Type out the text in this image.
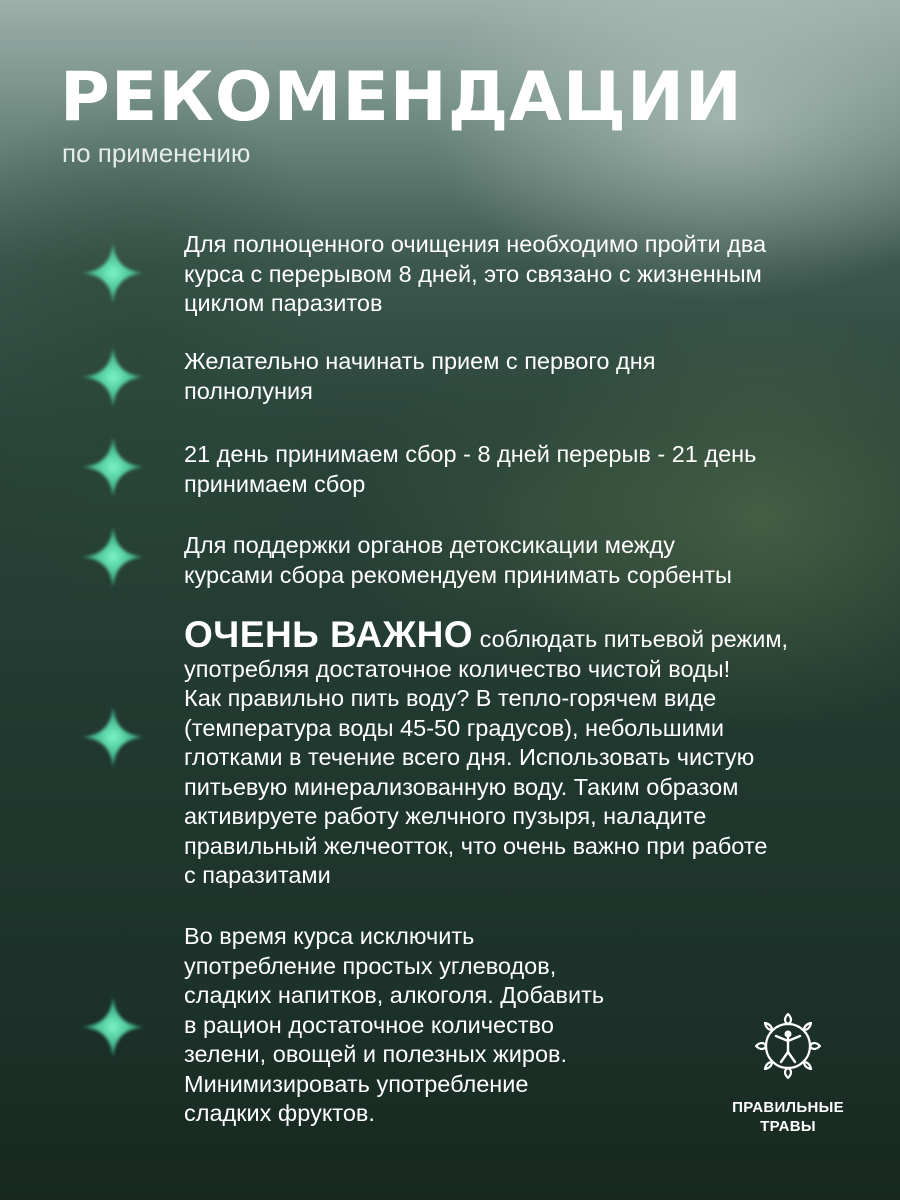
РЕКОМЕНДАЦИИ
по применению
Для полноценного очищения необходимо пройти два
курса с перерывом 8 дней, это связано с жизненным
циклом паразитов
Желательно начинать прием с первого дня
полнолуния
21 день принимаем сбор - 8 дней перерыв - 21 день
принимаем сбор
Для поддержки органов детоксикации между
курсами сбора рекомендуем принимать сорбенты
ОЧЕНЬ ВАЖНО соблюдать питьевой режим,
употребляя достаточное количество чистой воды!
Как правильно пить воду? В тепло-горячем виде
(температура воды 45-50 градусов), небольшими
глотками в течение всего дня. Использовать чистую
питьевую минерализованную воду. Таким образом
активируете работу желчного пузыря, наладите
правильный желчеотток, что очень важно при работе
с паразитами
Во время курса исключить
употребление простых углеводов,
сладких напитков, алкоголя. Добавить
в рацион достаточное количество
зелени, овощей и полезных жиров.
Минимизировать употребление
сладких фруктов.	ПРАВИЛЬНЫЕ
ТРАВЫ
